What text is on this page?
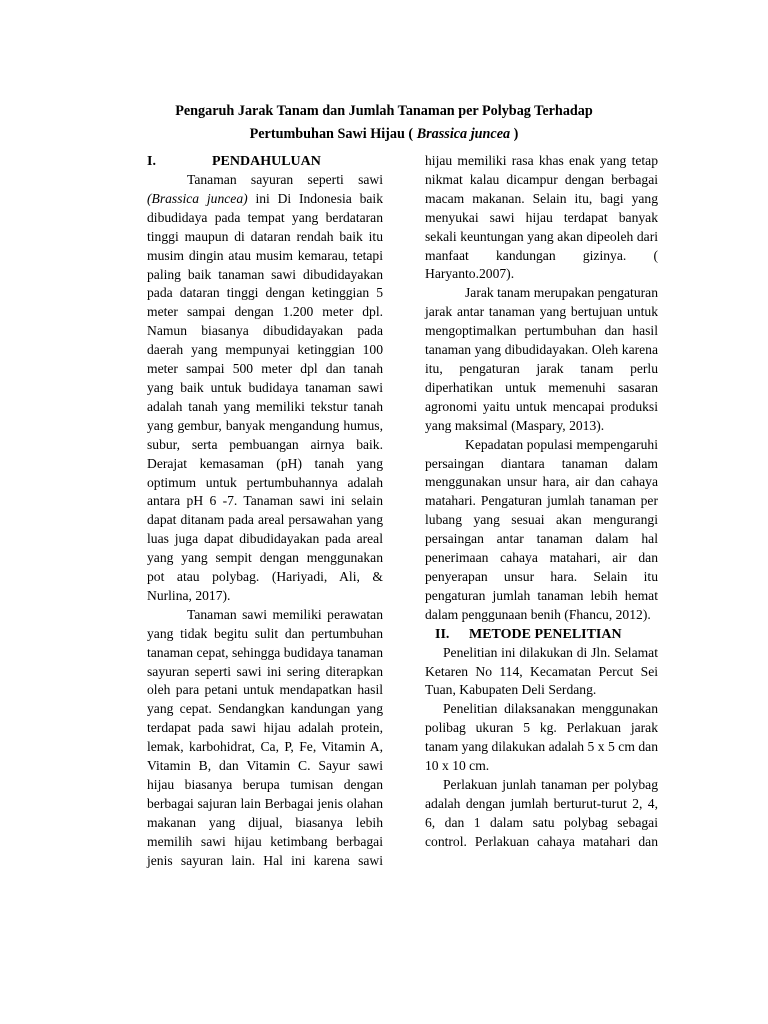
Pengaruh Jarak Tanam dan Jumlah Tanaman per Polybag Terhadap
Pertumbuhan Sawi Hijau ( Brassica juncea )

I.	PENDAHULUAN

Tanaman sayuran seperti sawi (Brassica juncea) ini Di Indonesia baik dibudidaya pada tempat yang berdataran tinggi maupun di dataran rendah baik itu musim dingin atau musim kemarau, tetapi paling baik tanaman sawi dibudidayakan pada dataran tinggi dengan ketinggian 5 meter sampai dengan 1.200 meter dpl. Namun biasanya dibudidayakan pada daerah yang mempunyai ketinggian 100 meter sampai 500 meter dpl dan tanah yang baik untuk budidaya tanaman sawi adalah tanah yang memiliki tekstur tanah yang gembur, banyak mengandung humus, subur, serta pembuangan airnya baik. Derajat kemasaman (pH) tanah yang optimum untuk pertumbuhannya adalah antara pH 6 -7. Tanaman sawi ini selain dapat ditanam pada areal persawahan yang luas juga dapat dibudidayakan pada areal yang yang sempit dengan menggunakan pot atau polybag. (Hariyadi, Ali, & Nurlina, 2017).

Tanaman sawi memiliki perawatan yang tidak begitu sulit dan pertumbuhan tanaman cepat, sehingga budidaya tanaman sayuran seperti sawi ini sering diterapkan oleh para petani untuk mendapatkan hasil yang cepat. Sendangkan kandungan yang terdapat pada sawi hijau adalah protein, lemak, karbohidrat, Ca, P, Fe, Vitamin A, Vitamin B, dan Vitamin C. Sayur sawi hijau biasanya berupa tumisan dengan berbagai sajuran lain Berbagai jenis olahan makanan yang dijual, biasanya lebih memilih sawi hijau ketimbang berbagai jenis sayuran lain. Hal ini karena sawi

hijau memiliki rasa khas enak yang tetap nikmat kalau dicampur dengan berbagai macam makanan. Selain itu, bagi yang menyukai sawi hijau terdapat banyak sekali keuntungan yang akan dipeoleh dari manfaat kandungan gizinya. ( Haryanto.2007).

Jarak tanam merupakan pengaturan jarak antar tanaman yang bertujuan untuk mengoptimalkan pertumbuhan dan hasil tanaman yang dibudidayakan. Oleh karena itu, pengaturan jarak tanam perlu diperhatikan untuk memenuhi sasaran agronomi yaitu untuk mencapai produksi yang maksimal (Maspary, 2013).

Kepadatan populasi mempengaruhi persaingan diantara tanaman dalam menggunakan unsur hara, air dan cahaya matahari. Pengaturan jumlah tanaman per lubang yang sesuai akan mengurangi persaingan antar tanaman dalam hal penerimaan cahaya matahari, air dan penyerapan unsur hara. Selain itu pengaturan jumlah tanaman lebih hemat dalam penggunaan benih (Fhancu, 2012).

II. METODE PENELITIAN

Penelitian ini dilakukan di Jln. Selamat Ketaren No 114, Kecamatan Percut Sei Tuan, Kabupaten Deli Serdang.

Penelitian dilaksanakan menggunakan polibag ukuran 5 kg. Perlakuan jarak tanam yang dilakukan adalah 5 x 5 cm dan 10 x 10 cm.

Perlakuan junlah tanaman per polybag adalah dengan jumlah berturut-turut 2, 4, 6, dan 1 dalam satu polybag sebagai control. Perlakuan cahaya matahari dan
